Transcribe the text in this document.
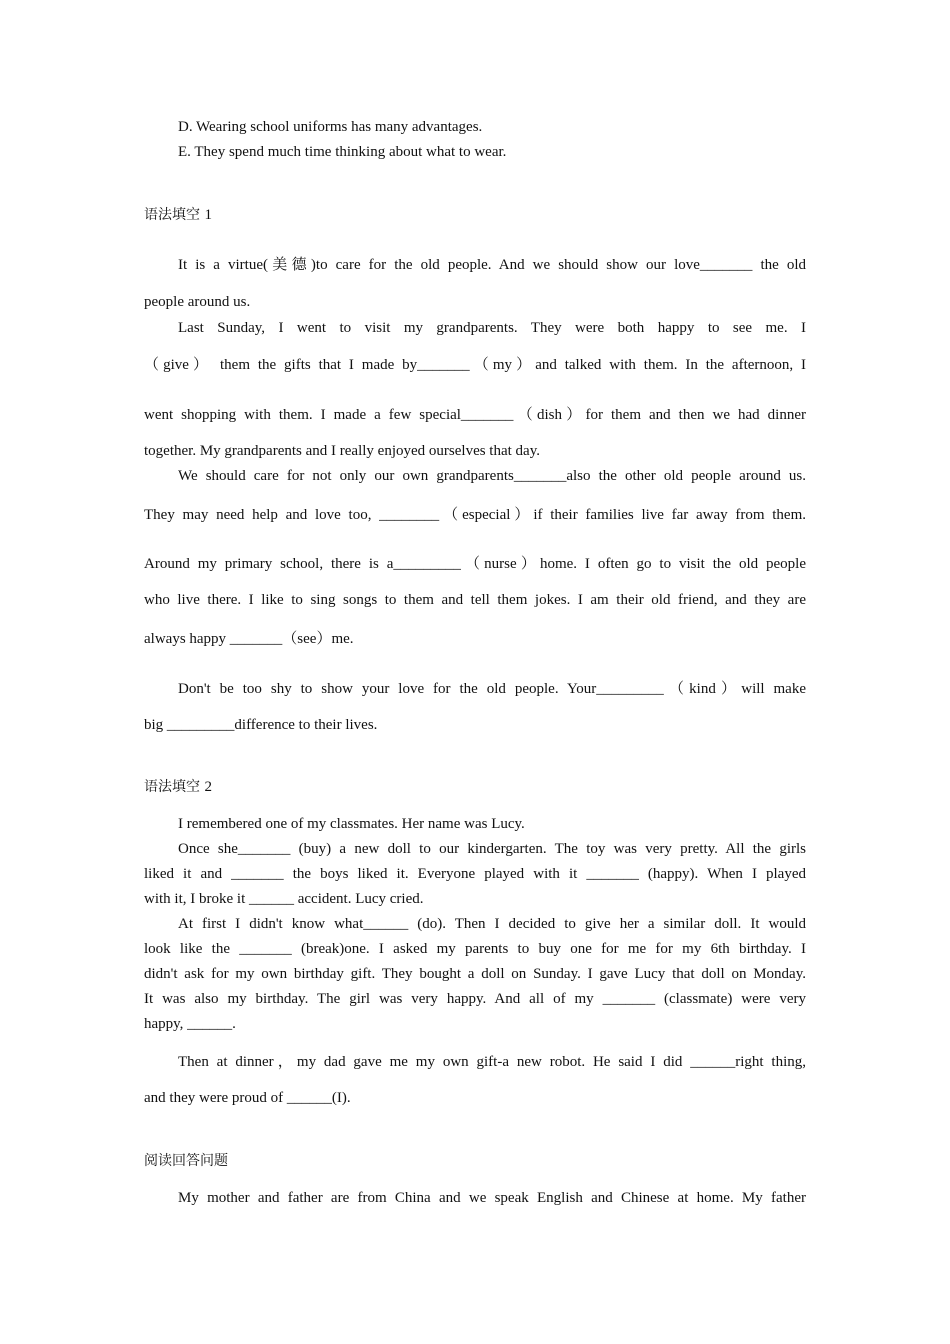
D. Wearing school uniforms has many advantages.
E. They spend much time thinking about what to wear.
语法填空 1
It is a virtue(美德)to care for the old people. And we should show our love_______ the old
people around us.
Last Sunday, I went to visit my grandparents. They were both happy to see me. I
（give） them the gifts that I made by_______（my）and talked with them. In the afternoon, I
went shopping with them. I made a few special_______（dish）for them and then we had dinner
together. My grandparents and I really enjoyed ourselves that day.
We should care for not only our own grandparents_______also the other old people around us.
They may need help and love too, ________（especial）if their families live far away from them.
Around my primary school, there is a_________（nurse）home. I often go to visit the old people
who live there. I like to sing songs to them and tell them jokes. I am their old friend, and they are
always happy _______（see）me.
Don't be too shy to show your love for the old people. Your_________（kind）will make
big _________difference to their lives.
语法填空 2
I remembered one of my classmates. Her name was Lucy.
Once she_______ (buy) a new doll to our kindergarten. The toy was very pretty. All the girls
liked it and _______ the boys liked it. Everyone played with it _______ (happy). When I played
with it, I broke it ______ accident. Lucy cried.
At first I didn't know what______ (do). Then I decided to give her a similar doll. It would
look like the _______ (break)one. I asked my parents to buy one for me for my 6th birthday. I
didn't ask for my own birthday gift. They bought a doll on Sunday. I gave Lucy that doll on Monday.
It was also my birthday. The girl was very happy. And all of my _______ (classmate) were very
happy, ______.
Then at dinner，my dad gave me my own gift-a new robot. He said I did ______right thing,
and they were proud of ______(I).
阅读回答问题
My mother and father are from China and we speak English and Chinese at home. My father
